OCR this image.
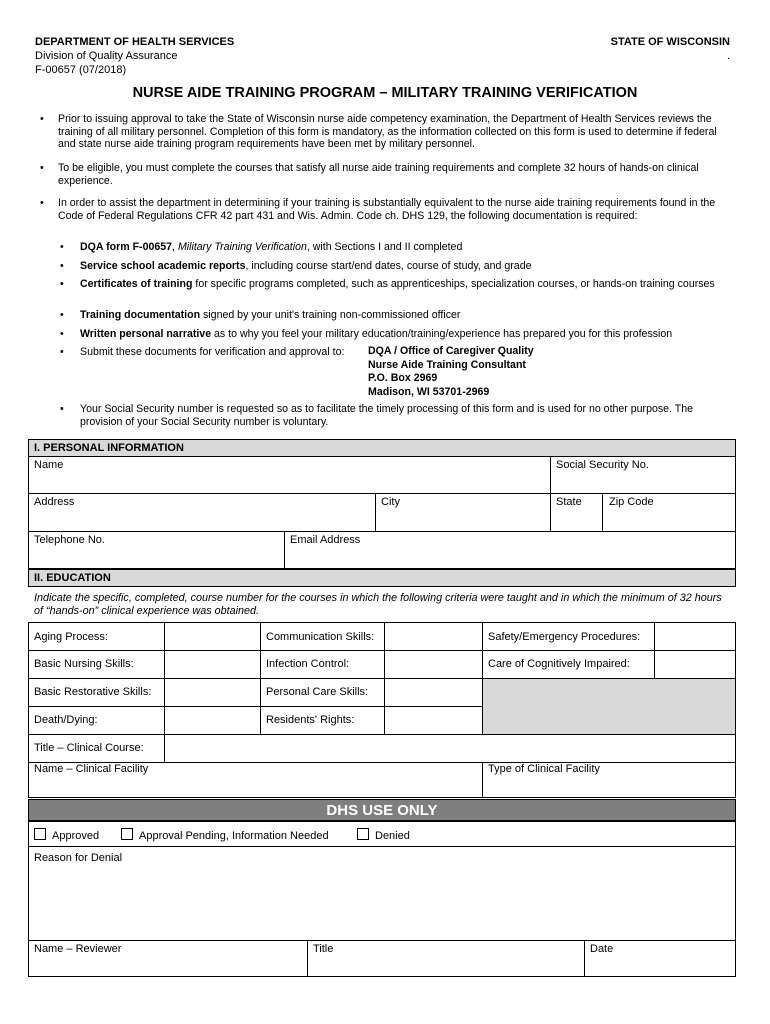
DEPARTMENT OF HEALTH SERVICES
Division of Quality Assurance
F-00657 (07/2018)
STATE OF WISCONSIN
.
NURSE AIDE TRAINING PROGRAM – MILITARY TRAINING VERIFICATION
• Prior to issuing approval to take the State of Wisconsin nurse aide competency examination, the Department of Health Services reviews the training of all military personnel. Completion of this form is mandatory, as the information collected on this form is used to determine if federal and state nurse aide training program requirements have been met by military personnel.
• To be eligible, you must complete the courses that satisfy all nurse aide training requirements and complete 32 hours of hands-on clinical experience.
• In order to assist the department in determining if your training is substantially equivalent to the nurse aide training requirements found in the Code of Federal Regulations CFR 42 part 431 and Wis. Admin. Code ch. DHS 129, the following documentation is required:
• DQA form F-00657, Military Training Verification, with Sections I and II completed
• Service school academic reports, including course start/end dates, course of study, and grade
• Certificates of training for specific programs completed, such as apprenticeships, specialization courses, or hands-on training courses
• Training documentation signed by your unit's training non-commissioned officer
• Written personal narrative as to why you feel your military education/training/experience has prepared you for this profession
• Submit these documents for verification and approval to:	DQA / Office of Caregiver Quality
Nurse Aide Training Consultant
P.O. Box 2969
Madison, WI 53701-2969
• Your Social Security number is requested so as to facilitate the timely processing of this form and is used for no other purpose. The provision of your Social Security number is voluntary.
I. PERSONAL INFORMATION
Name	Social Security No.
Address	City	State Zip Code
Telephone No.	Email Address
II. EDUCATION
Indicate the specific, completed, course number for the courses in which the following criteria were taught and in which the minimum of 32 hours of “hands-on” clinical experience was obtained.
Aging Process:	Communication Skills:	Safety/Emergency Procedures:
Basic Nursing Skills:	Infection Control:	Care of Cognitively Impaired:
Basic Restorative Skills:	Personal Care Skills:
Death/Dying:	Residents' Rights:
Title – Clinical Course:
Name – Clinical Facility	Type of Clinical Facility
DHS USE ONLY
Approved	Approval Pending, Information Needed	Denied
Reason for Denial
Name – Reviewer	Title	Date
